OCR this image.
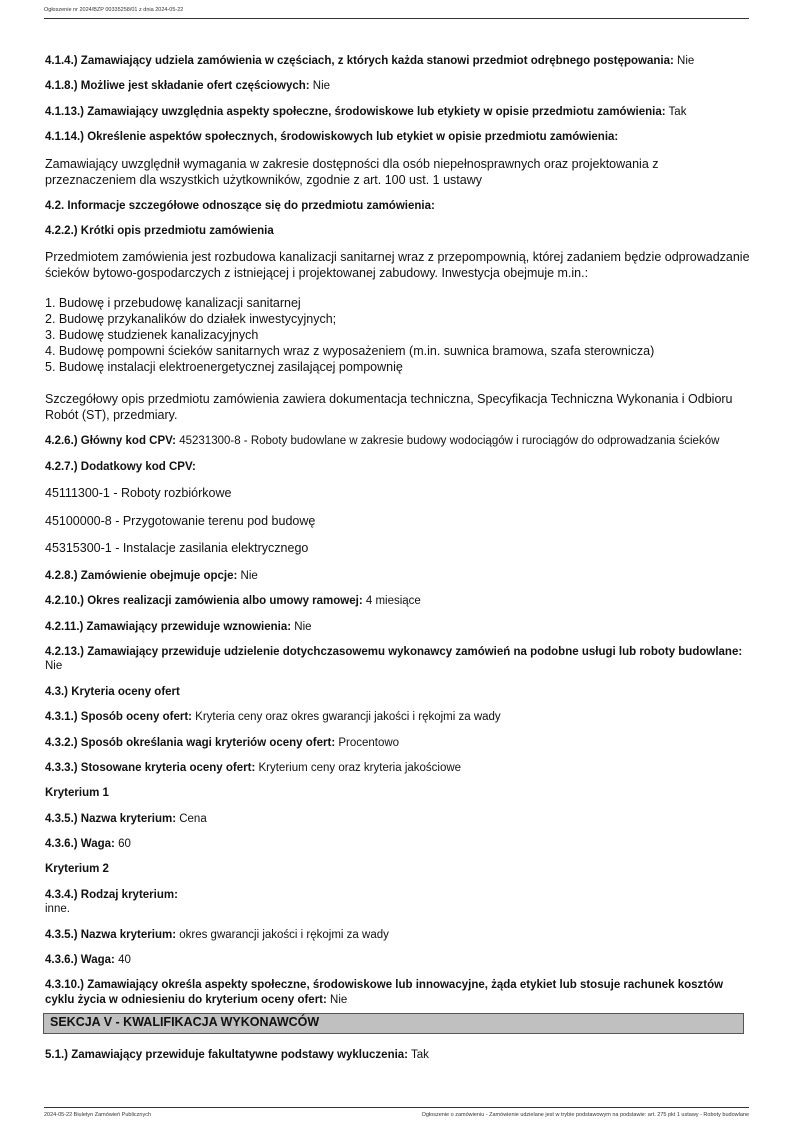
Ogłoszenie nr 2024/BZP 00335258/01 z dnia 2024-05-22
4.1.4.) Zamawiający udziela zamówienia w częściach, z których każda stanowi przedmiot odrębnego postępowania: Nie
4.1.8.) Możliwe jest składanie ofert częściowych: Nie
4.1.13.) Zamawiający uwzględnia aspekty społeczne, środowiskowe lub etykiety w opisie przedmiotu zamówienia: Tak
4.1.14.) Określenie aspektów społecznych, środowiskowych lub etykiet w opisie przedmiotu zamówienia:
Zamawiający uwzględnił wymagania w zakresie dostępności dla osób niepełnosprawnych oraz projektowania z przeznaczeniem dla wszystkich użytkowników, zgodnie z art. 100 ust. 1 ustawy
4.2. Informacje szczegółowe odnoszące się do przedmiotu zamówienia:
4.2.2.) Krótki opis przedmiotu zamówienia
Przedmiotem zamówienia jest rozbudowa kanalizacji sanitarnej wraz z przepompownią, której zadaniem będzie odprowadzanie ścieków bytowo-gospodarczych z istniejącej i projektowanej zabudowy. Inwestycja obejmuje m.in.:
1. Budowę i przebudowę kanalizacji sanitarnej
2. Budowę przykanalików do działek inwestycyjnych;
3. Budowę studzienek kanalizacyjnych
4. Budowę pompowni ścieków sanitarnych wraz z wyposażeniem (m.in. suwnica bramowa, szafa sterownicza)
5. Budowę instalacji elektroenergetycznej zasilającej pompownię
Szczegółowy opis przedmiotu zamówienia zawiera dokumentacja techniczna, Specyfikacja Techniczna Wykonania i Odbioru Robót (ST), przedmiary.
4.2.6.) Główny kod CPV: 45231300-8 - Roboty budowlane w zakresie budowy wodociągów i rurociągów do odprowadzania ścieków
4.2.7.) Dodatkowy kod CPV:
45111300-1 - Roboty rozbiórkowe
45100000-8 - Przygotowanie terenu pod budowę
45315300-1 - Instalacje zasilania elektrycznego
4.2.8.) Zamówienie obejmuje opcje: Nie
4.2.10.) Okres realizacji zamówienia albo umowy ramowej: 4 miesiące
4.2.11.) Zamawiający przewiduje wznowienia: Nie
4.2.13.) Zamawiający przewiduje udzielenie dotychczasowemu wykonawcy zamówień na podobne usługi lub roboty budowlane: Nie
4.3.) Kryteria oceny ofert
4.3.1.) Sposób oceny ofert: Kryteria ceny oraz okres gwarancji jakości i rękojmi za wady
4.3.2.) Sposób określania wagi kryteriów oceny ofert: Procentowo
4.3.3.) Stosowane kryteria oceny ofert: Kryterium ceny oraz kryteria jakościowe
Kryterium 1
4.3.5.) Nazwa kryterium: Cena
4.3.6.) Waga: 60
Kryterium 2
4.3.4.) Rodzaj kryterium:
inne.
4.3.5.) Nazwa kryterium: okres gwarancji jakości i rękojmi za wady
4.3.6.) Waga: 40
4.3.10.) Zamawiający określa aspekty społeczne, środowiskowe lub innowacyjne, żąda etykiet lub stosuje rachunek kosztów cyklu życia w odniesieniu do kryterium oceny ofert: Nie
SEKCJA V - KWALIFIKACJA WYKONAWCÓW
5.1.) Zamawiający przewiduje fakultatywne podstawy wykluczenia: Tak
2024-05-22 Biuletyn Zamówień Publicznych	Ogłoszenie o zamówieniu - Zamówienie udzielane jest w trybie podstawowym na podstawie: art. 275 pkt 1 ustawy - Roboty budowlane
